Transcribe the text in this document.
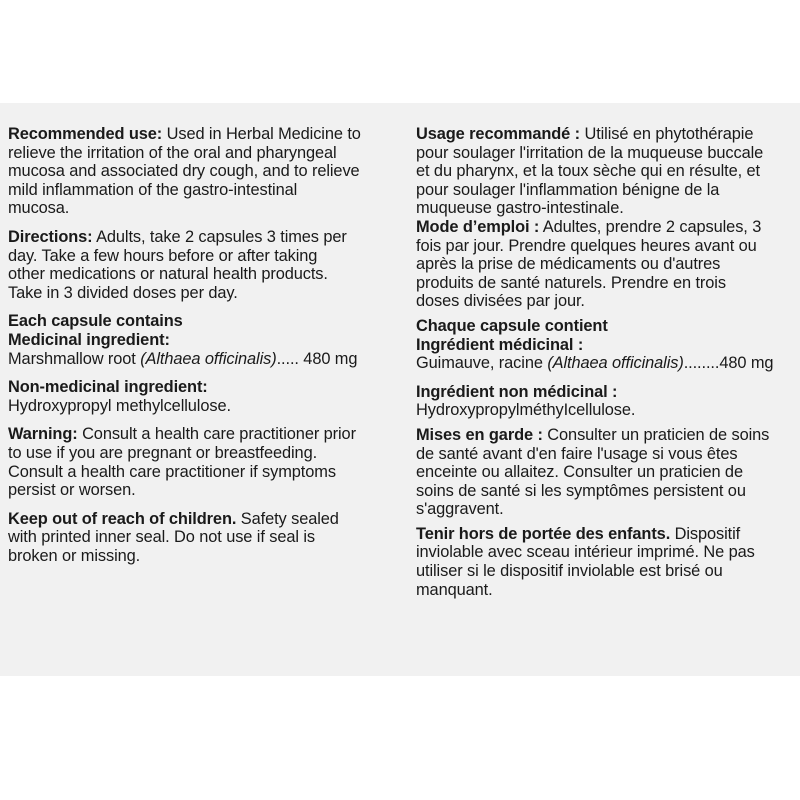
Recommended use: Used in Herbal Medicine to
relieve the irritation of the oral and pharyngeal
mucosa and associated dry cough, and to relieve
mild inflammation of the gastro-intestinal
mucosa.
Directions: Adults, take 2 capsules 3 times per
day. Take a few hours before or after taking
other medications or natural health products.
Take in 3 divided doses per day.
Each capsule contains
Medicinal ingredient:
Marshmallow root (Althaea officinalis)..... 480 mg
Non-medicinal ingredient:
Hydroxypropyl methylcellulose.
Warning: Consult a health care practitioner prior
to use if you are pregnant or breastfeeding.
Consult a health care practitioner if symptoms
persist or worsen.
Keep out of reach of children. Safety sealed
with printed inner seal. Do not use if seal is
broken or missing.
Usage recommandé : Utilisé en phytothérapie
pour soulager l'irritation de la muqueuse buccale
et du pharynx, et la toux sèche qui en résulte, et
pour soulager l'inflammation bénigne de la
muqueuse gastro-intestinale.
Mode d’emploi : Adultes, prendre 2 capsules, 3
fois par jour. Prendre quelques heures avant ou
après la prise de médicaments ou d'autres
produits de santé naturels. Prendre en trois
doses divisées par jour.
Chaque capsule contient
Ingrédient médicinal :
Guimauve, racine (Althaea officinalis)........480 mg
Ingrédient non médicinal :
HydroxypropylméthyIcellulose.
Mises en garde : Consulter un praticien de soins
de santé avant d'en faire l'usage si vous êtes
enceinte ou allaitez. Consulter un praticien de
soins de santé si les symptômes persistent ou
s'aggravent.
Tenir hors de portée des enfants. Dispositif
inviolable avec sceau intérieur imprimé. Ne pas
utiliser si le dispositif inviolable est brisé ou
manquant.
